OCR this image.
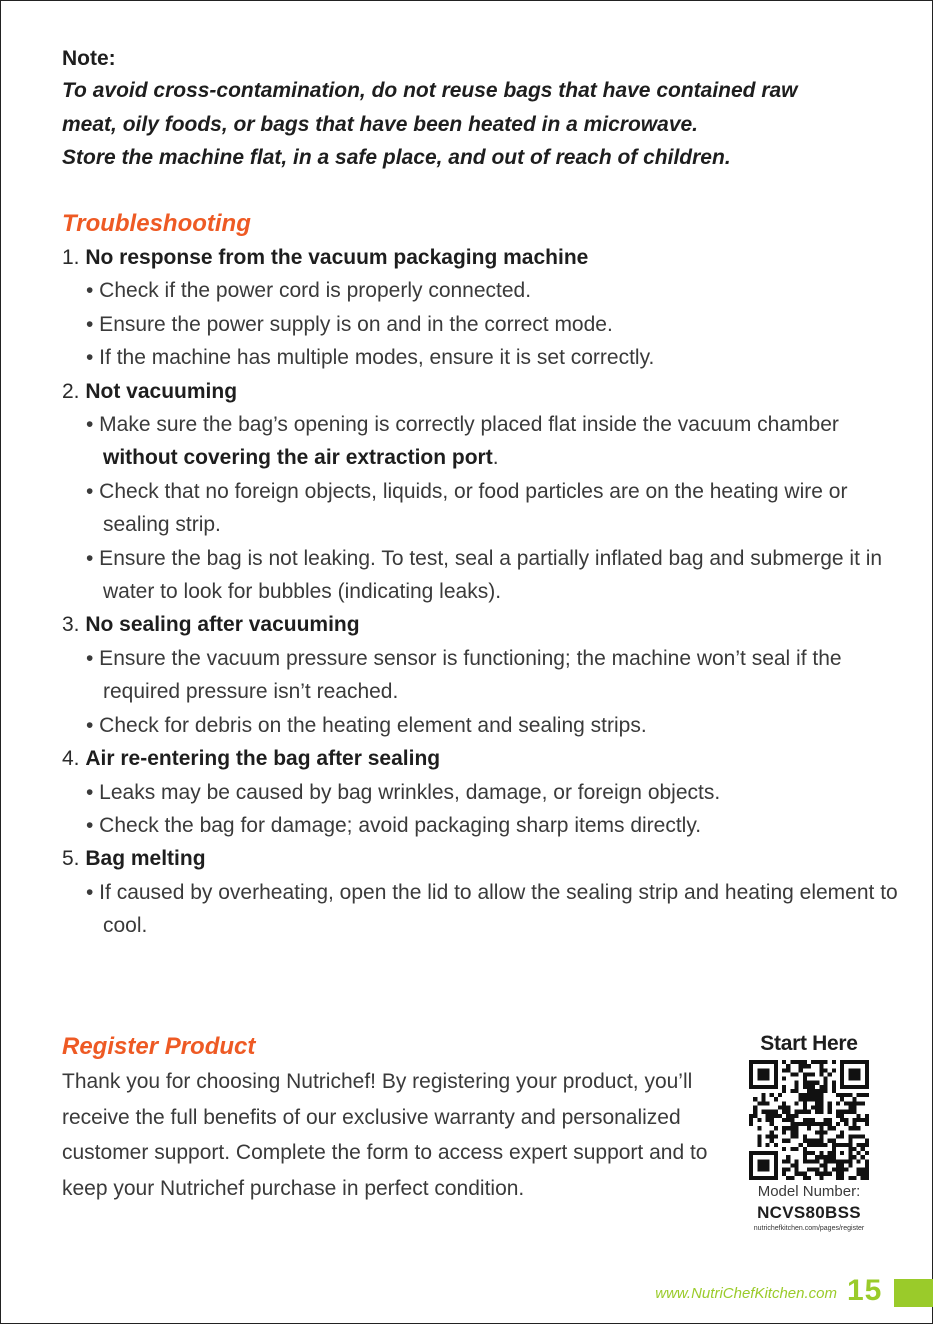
Note:
To avoid cross-contamination, do not reuse bags that have contained raw
meat, oily foods, or bags that have been heated in a microwave.
Store the machine flat, in a safe place, and out of reach of children.
Troubleshooting
1. No response from the vacuum packaging machine
• Check if the power cord is properly connected.
• Ensure the power supply is on and in the correct mode.
• If the machine has multiple modes, ensure it is set correctly.
2. Not vacuuming
• Make sure the bag’s opening is correctly placed flat inside the vacuum chamber without covering the air extraction port.
• Check that no foreign objects, liquids, or food particles are on the heating wire or sealing strip.
• Ensure the bag is not leaking. To test, seal a partially inflated bag and submerge it in water to look for bubbles (indicating leaks).
3. No sealing after vacuuming
• Ensure the vacuum pressure sensor is functioning; the machine won’t seal if the required pressure isn’t reached.
• Check for debris on the heating element and sealing strips.
4. Air re-entering the bag after sealing
• Leaks may be caused by bag wrinkles, damage, or foreign objects.
• Check the bag for damage; avoid packaging sharp items directly.
5. Bag melting
• If caused by overheating, open the lid to allow the sealing strip and heating element to cool.
Register Product

Thank you for choosing Nutrichef! By registering your product, you’ll receive the full benefits of our exclusive warranty and personalized customer support. Complete the form to access expert support and to keep your Nutrichef purchase in perfect condition.

Start Here
Model Number:
NCVS80BSS
nutrichefkitchen.com/pages/register
www.NutriChefKitchen.com 15
